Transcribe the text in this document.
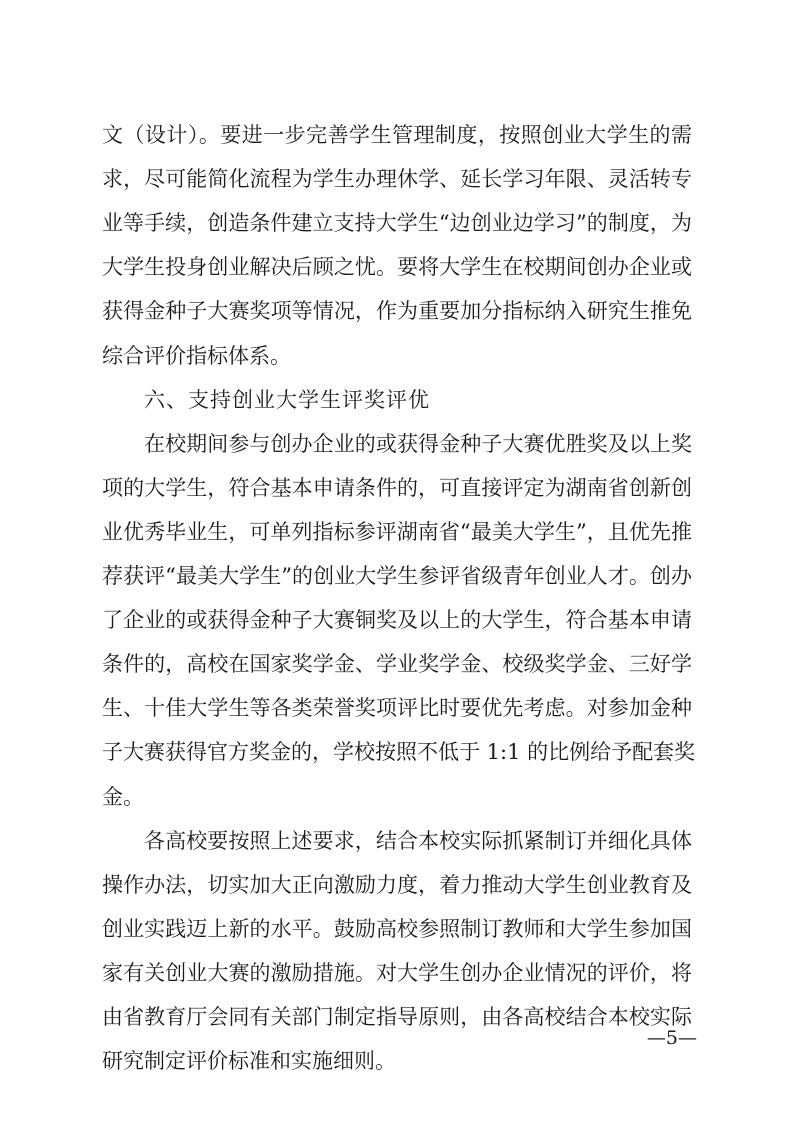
文（设计）。要进一步完善学生管理制度，按照创业大学生的需
求，尽可能简化流程为学生办理休学、延长学习年限、灵活转专
业等手续，创造条件建立支持大学生“边创业边学习”的制度，为
大学生投身创业解决后顾之忧。要将大学生在校期间创办企业或
获得金种子大赛奖项等情况，作为重要加分指标纳入研究生推免
综合评价指标体系。
六、支持创业大学生评奖评优
在校期间参与创办企业的或获得金种子大赛优胜奖及以上奖
项的大学生，符合基本申请条件的，可直接评定为湖南省创新创
业优秀毕业生，可单列指标参评湖南省“最美大学生”，且优先推
荐获评“最美大学生”的创业大学生参评省级青年创业人才。创办
了企业的或获得金种子大赛铜奖及以上的大学生，符合基本申请
条件的，高校在国家奖学金、学业奖学金、校级奖学金、三好学
生、十佳大学生等各类荣誉奖项评比时要优先考虑。对参加金种
子大赛获得官方奖金的，学校按照不低于 1:1 的比例给予配套奖
金。
各高校要按照上述要求，结合本校实际抓紧制订并细化具体
操作办法，切实加大正向激励力度，着力推动大学生创业教育及
创业实践迈上新的水平。鼓励高校参照制订教师和大学生参加国
家有关创业大赛的激励措施。对大学生创办企业情况的评价，将
由省教育厅会同有关部门制定指导原则，由各高校结合本校实际
研究制定评价标准和实施细则。
—5—
